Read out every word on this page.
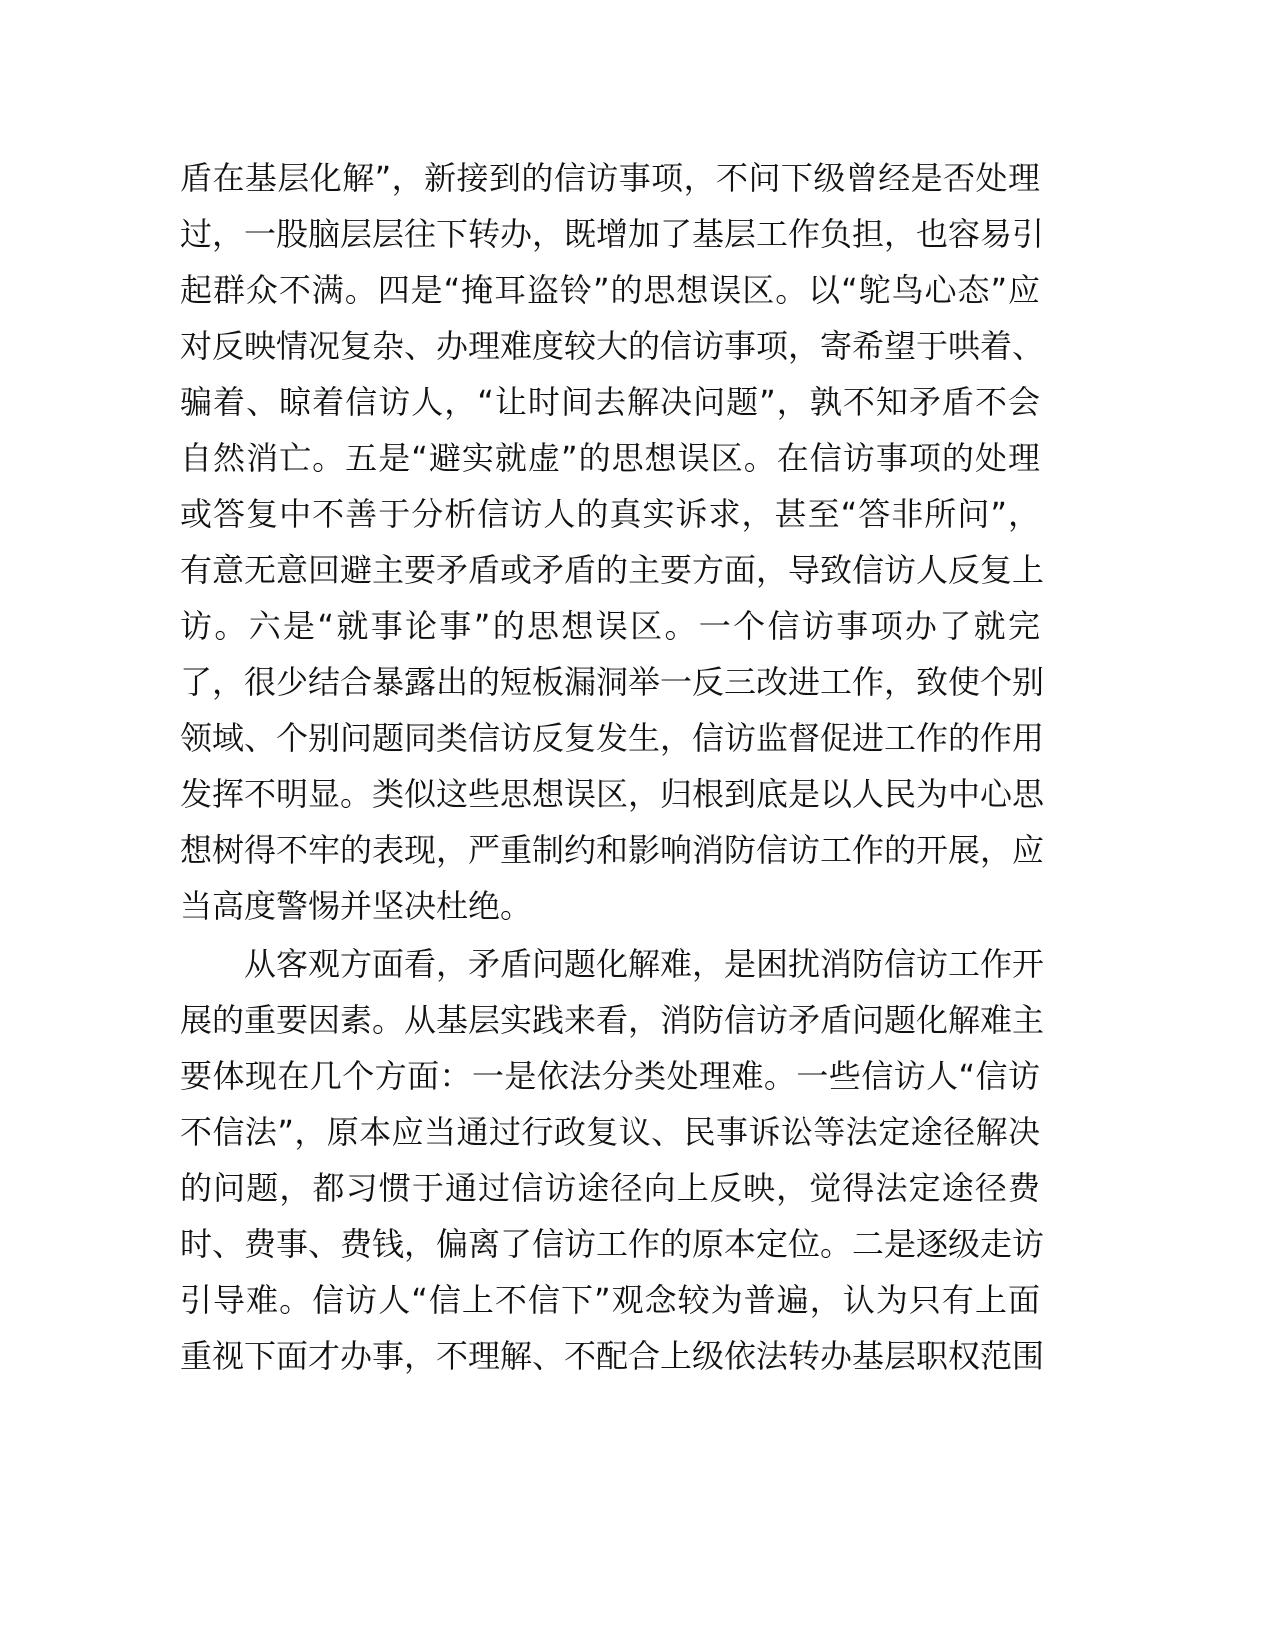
盾在基层化解”，新接到的信访事项，不问下级曾经是否处理
过，一股脑层层往下转办，既增加了基层工作负担，也容易引
起群众不满。四是“掩耳盗铃”的思想误区。以“鸵鸟心态”应
对反映情况复杂、办理难度较大的信访事项，寄希望于哄着、
骗着、晾着信访人，“让时间去解决问题”，孰不知矛盾不会
自然消亡。五是“避实就虚”的思想误区。在信访事项的处理
或答复中不善于分析信访人的真实诉求，甚至“答非所问”，
有意无意回避主要矛盾或矛盾的主要方面，导致信访人反复上
访。六是“就事论事”的思想误区。一个信访事项办了就完
了，很少结合暴露出的短板漏洞举一反三改进工作，致使个别
领域、个别问题同类信访反复发生，信访监督促进工作的作用
发挥不明显。类似这些思想误区，归根到底是以人民为中心思
想树得不牢的表现，严重制约和影响消防信访工作的开展，应
当高度警惕并坚决杜绝。
从客观方面看，矛盾问题化解难，是困扰消防信访工作开
展的重要因素。从基层实践来看，消防信访矛盾问题化解难主
要体现在几个方面：一是依法分类处理难。一些信访人“信访
不信法”，原本应当通过行政复议、民事诉讼等法定途径解决
的问题，都习惯于通过信访途径向上反映，觉得法定途径费
时、费事、费钱，偏离了信访工作的原本定位。二是逐级走访
引导难。信访人“信上不信下”观念较为普遍，认为只有上面
重视下面才办事，不理解、不配合上级依法转办基层职权范围
